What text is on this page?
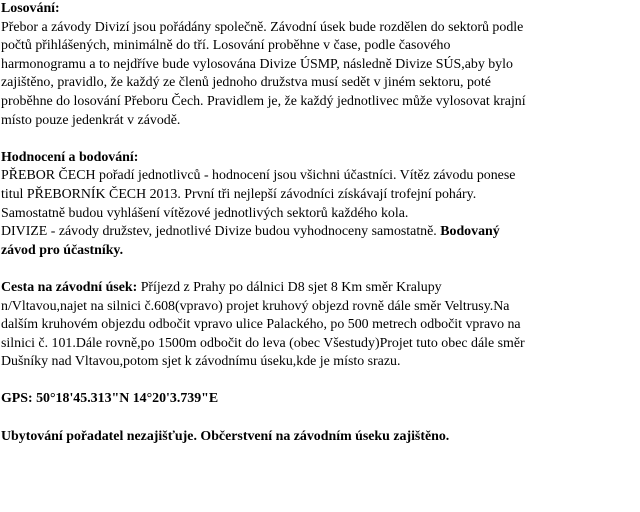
Losování:

Přebor a závody Divizí jsou pořádány společně. Závodní úsek bude rozdělen do sektorů podle
počtů přihlášených, minimálně do tří. Losování proběhne v čase, podle časového
harmonogramu a to nejdříve bude vylosována Divize ÚSMP, následně Divize SÚS,aby bylo
zajištěno, pravidlo, že každý ze členů jednoho družstva musí sedět v jiném sektoru, poté
proběhne do losování Přeboru Čech. Pravidlem je, že každý jednotlivec může vylosovat krajní
místo pouze jedenkrát v závodě.

Hodnocení a bodování:

PŘEBOR ČECH pořadí jednotlivců - hodnocení jsou všichni účastníci. Vítěz závodu ponese
titul PŘEBORNÍK ČECH 2013. První tři nejlepší závodníci získávají trofejní poháry.
Samostatně budou vyhlášení vítězové jednotlivých sektorů každého kola.

DIVIZE - závody družstev, jednotlivé Divize budou vyhodnoceny samostatně. Bodovaný
závod pro účastníky.

Cesta na závodní úsek: Příjezd z Prahy po dálnici D8 sjet 8 Km směr Kralupy
n/Vltavou,najet na silnici č.608(vpravo) projet kruhový objezd rovně dále směr Veltrusy.Na
dalším kruhovém objezdu odbočit vpravo ulice Palackého, po 500 metrech odbočit vpravo na
silnici č. 101.Dále rovně,po 1500m odbočit do leva (obec Všestudy)Projet tuto obec dále směr
Dušníky nad Vltavou,potom sjet k závodnímu úseku,kde je místo srazu.

GPS: 50°18'45.313"N 14°20'3.739"E

Ubytování pořadatel nezajišťuje. Občerstvení na závodním úseku zajištěno.
